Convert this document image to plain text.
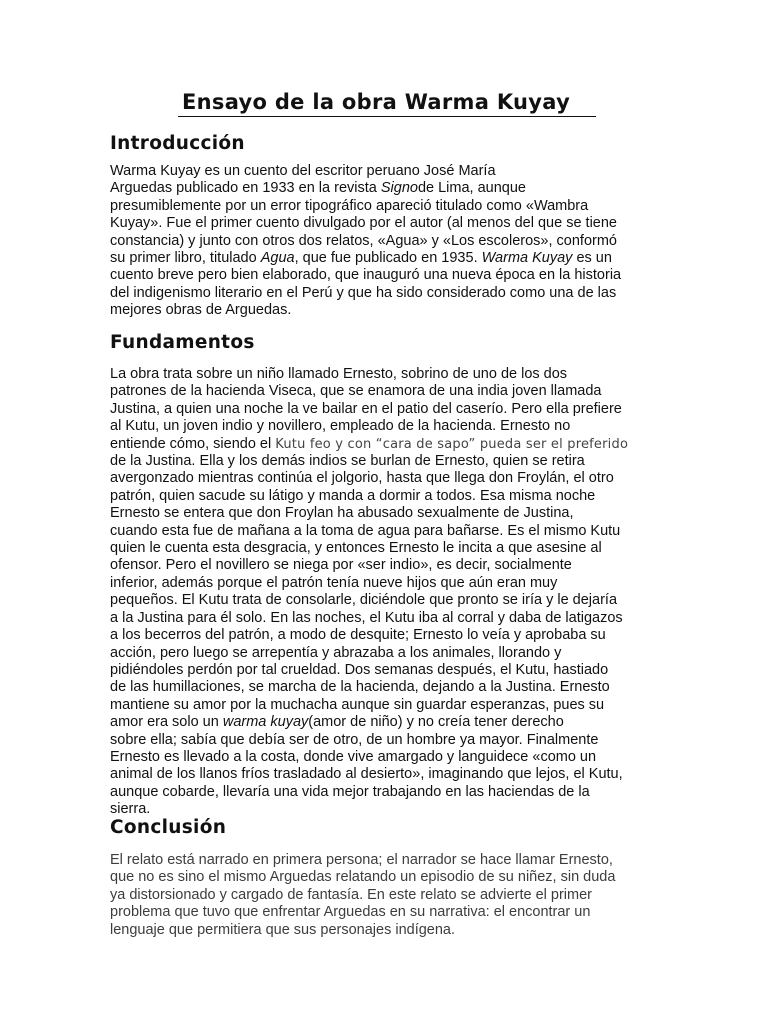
Ensayo de la obra Warma Kuyay
Introducción
Warma Kuyay es un cuento del escritor peruano José María
Arguedas publicado en 1933 en la revista Signode Lima, aunque
presumiblemente por un error tipográfico apareció titulado como «Wambra
Kuyay». Fue el primer cuento divulgado por el autor (al menos del que se tiene
constancia) y junto con otros dos relatos, «Agua» y «Los escoleros», conformó
su primer libro, titulado Agua, que fue publicado en 1935. Warma Kuyay es un
cuento breve pero bien elaborado, que inauguró una nueva época en la historia
del indigenismo literario en el Perú y que ha sido considerado como una de las
mejores obras de Arguedas.
Fundamentos
La obra trata sobre un niño llamado Ernesto, sobrino de uno de los dos
patrones de la hacienda Viseca, que se enamora de una india joven llamada
Justina, a quien una noche la ve bailar en el patio del caserío. Pero ella prefiere
al Kutu, un joven indio y novillero, empleado de la hacienda. Ernesto no
entiende cómo, siendo el Kutu feo y con “cara de sapo” pueda ser el preferido
de la Justina. Ella y los demás indios se burlan de Ernesto, quien se retira
avergonzado mientras continúa el jolgorio, hasta que llega don Froylán, el otro
patrón, quien sacude su látigo y manda a dormir a todos. Esa misma noche
Ernesto se entera que don Froylan ha abusado sexualmente de Justina,
cuando esta fue de mañana a la toma de agua para bañarse. Es el mismo Kutu
quien le cuenta esta desgracia, y entonces Ernesto le incita a que asesine al
ofensor. Pero el novillero se niega por «ser indio», es decir, socialmente
inferior, además porque el patrón tenía nueve hijos que aún eran muy
pequeños. El Kutu trata de consolarle, diciéndole que pronto se iría y le dejaría
a la Justina para él solo. En las noches, el Kutu iba al corral y daba de latigazos
a los becerros del patrón, a modo de desquite; Ernesto lo veía y aprobaba su
acción, pero luego se arrepentía y abrazaba a los animales, llorando y
pidiéndoles perdón por tal crueldad. Dos semanas después, el Kutu, hastiado
de las humillaciones, se marcha de la hacienda, dejando a la Justina. Ernesto
mantiene su amor por la muchacha aunque sin guardar esperanzas, pues su
amor era solo un warma kuyay(amor de niño) y no creía tener derecho
sobre ella; sabía que debía ser de otro, de un hombre ya mayor. Finalmente
Ernesto es llevado a la costa, donde vive amargado y languidece «como un
animal de los llanos fríos trasladado al desierto», imaginando que lejos, el Kutu,
aunque cobarde, llevaría una vida mejor trabajando en las haciendas de la
sierra.
Conclusión
El relato está narrado en primera persona; el narrador se hace llamar Ernesto,
que no es sino el mismo Arguedas relatando un episodio de su niñez, sin duda
ya distorsionado y cargado de fantasía. En este relato se advierte el primer
problema que tuvo que enfrentar Arguedas en su narrativa: el encontrar un
lenguaje que permitiera que sus personajes indígena.
